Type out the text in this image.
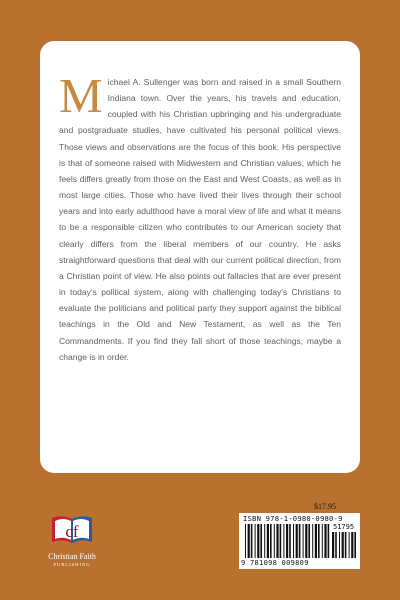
Michael A. Sullenger was born and raised in a small Southern Indiana town. Over the years, his travels and education, coupled with his Christian upbringing and his undergraduate and postgraduate studies, have cultivated his personal political views. Those views and observations are the focus of this book. His perspective is that of someone raised with Midwestern and Christian values, which he feels differs greatly from those on the East and West Coasts, as well as in most large cities. Those who have lived their lives through their school years and into early adulthood have a moral view of life and what it means to be a responsible citizen who contributes to our American society that clearly differs from the liberal members of our country. He asks straightforward questions that deal with our current political direction, from a Christian point of view. He also points out fallacies that are ever present in today's political system, along with challenging today's Christians to evaluate the politicians and political party they support against the biblical teachings in the Old and New Testament, as well as the Ten Commandments. If you find they fall short of those teachings, maybe a change is in order.

$17.95
ISBN 978-1-0980-0980-9
51795
9 781098 009809
cf
Christian Faith
PUBLISHING
